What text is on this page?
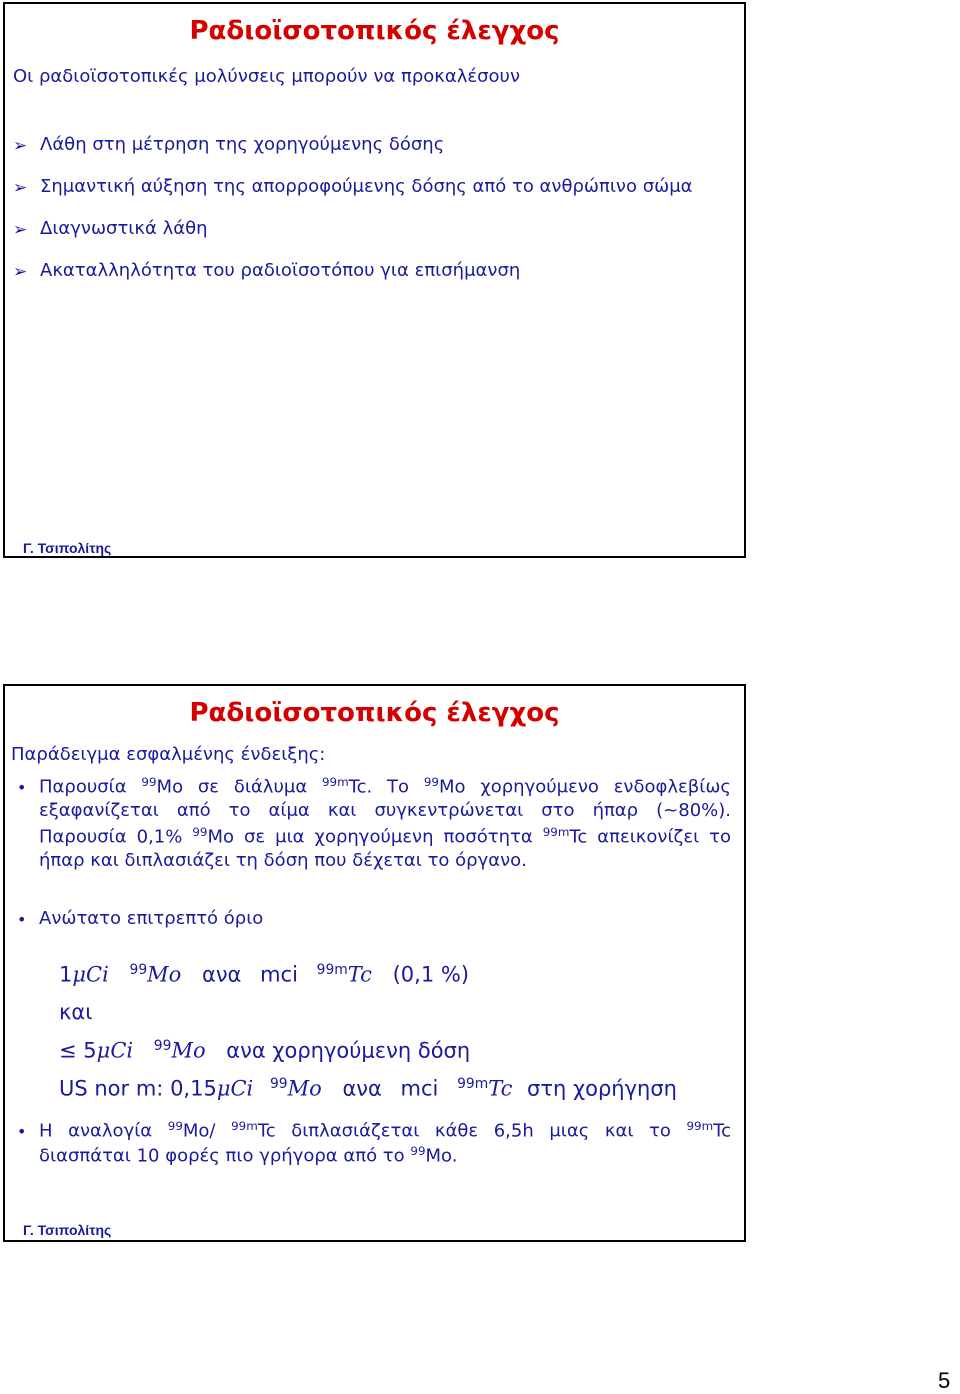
Ραδιοϊσοτοπικός έλεγχος
Οι ραδιοϊσοτοπικές μολύνσεις μπορούν να προκαλέσουν
➢ Λάθη στη μέτρηση της χορηγούμενης δόσης
➢ Σημαντική αύξηση της απορροφούμενης δόσης από το ανθρώπινο σώμα
➢ Διαγνωστικά λάθη
➢ Ακαταλληλότητα του ραδιοϊσοτόπου για επισήμανση
Γ. Τσιπολίτης
Ραδιοϊσοτοπικός έλεγχος
Παράδειγμα εσφαλμένης ένδειξης:
• Παρουσία $^{99}$Mo σε διάλυμα $^{99m}$Tc. Το $^{99}$Mo χορηγούμενο ενδοφλεβίως
εξαφανίζεται από το αίμα και συγκεντρώνεται στο ήπαρ (~80%).
Παρουσία 0,1% $^{99}$Mo σε μια χορηγούμενη ποσότητα $^{99m}$Tc απεικονίζει το
ήπαρ και διπλασιάζει τη δόση που δέχεται το όργανο.
• Ανώτατο επιτρεπτό όριο
1μCi $^{99}$Mo ανα mci $^{99m}$Tc (0,1 %)
και
≤ 5μCi $^{99}$Mo ανα χορηγούμενη δόση
US nor m: 0,15μCi $^{99}$Mo ανα mci $^{99m}$Tc στη χορήγηση
• Η αναλογία $^{99}$Mo/ $^{99m}$Tc διπλασιάζεται κάθε 6,5h μιας και το $^{99m}$Tc
διασπάται 10 φορές πιο γρήγορα από το $^{99}$Mo.
Γ. Τσιπολίτης
5
